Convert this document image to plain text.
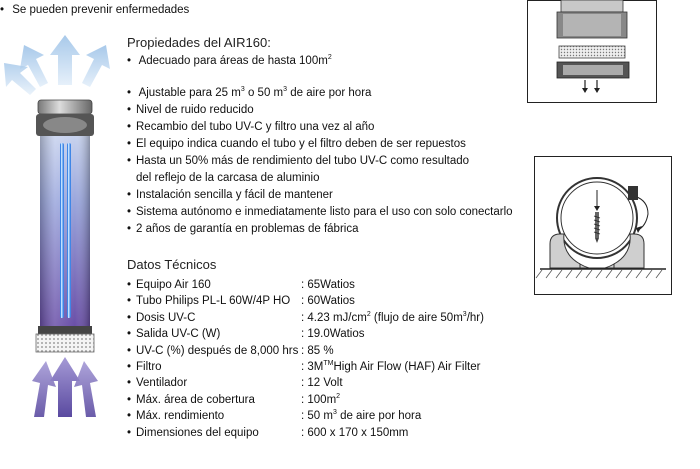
• Se pueden prevenir enfermedades
Propiedades del AIR160:
• Adecuado para áreas de hasta $100m^2$
• Ajustable para 25 $m^3$ o 50 $m^3$ de aire por hora
• Nivel de ruido reducido
• Recambio del tubo UV-C y filtro una vez al año
• El equipo indica cuando el tubo y el filtro deben de ser repuestos
• Hasta un 50% más de rendimiento del tubo UV-C como resultado
del reflejo de la carcasa de aluminio
• Instalación sencilla y fácil de mantener
• Sistema autónomo e inmediatamente listo para el uso con solo conectarlo
• 2 años de garantía en problemas de fábrica
Datos Técnicos
• Equipo Air 160	: 65Watios
• Tubo Philips PL-L 60W/4P HO : 60Watios
• Dosis UV-C	: 4.23 $mJ/cm^2$ (flujo de aire $50m^3/hr$)
• Salida UV-C (W)	: 19.0Watios
• UV-C (%) después de 8,000 hrs : 85 %
• Filtro	: 3M™High Air Flow (HAF) Air Filter
• Ventilador	: 12 Volt
• Máx. área de cobertura	: $100m^2$
• Máx. rendimiento	: 50 $m^3$ de aire por hora
• Dimensiones del equipo	: 600 x 170 x 150mm
